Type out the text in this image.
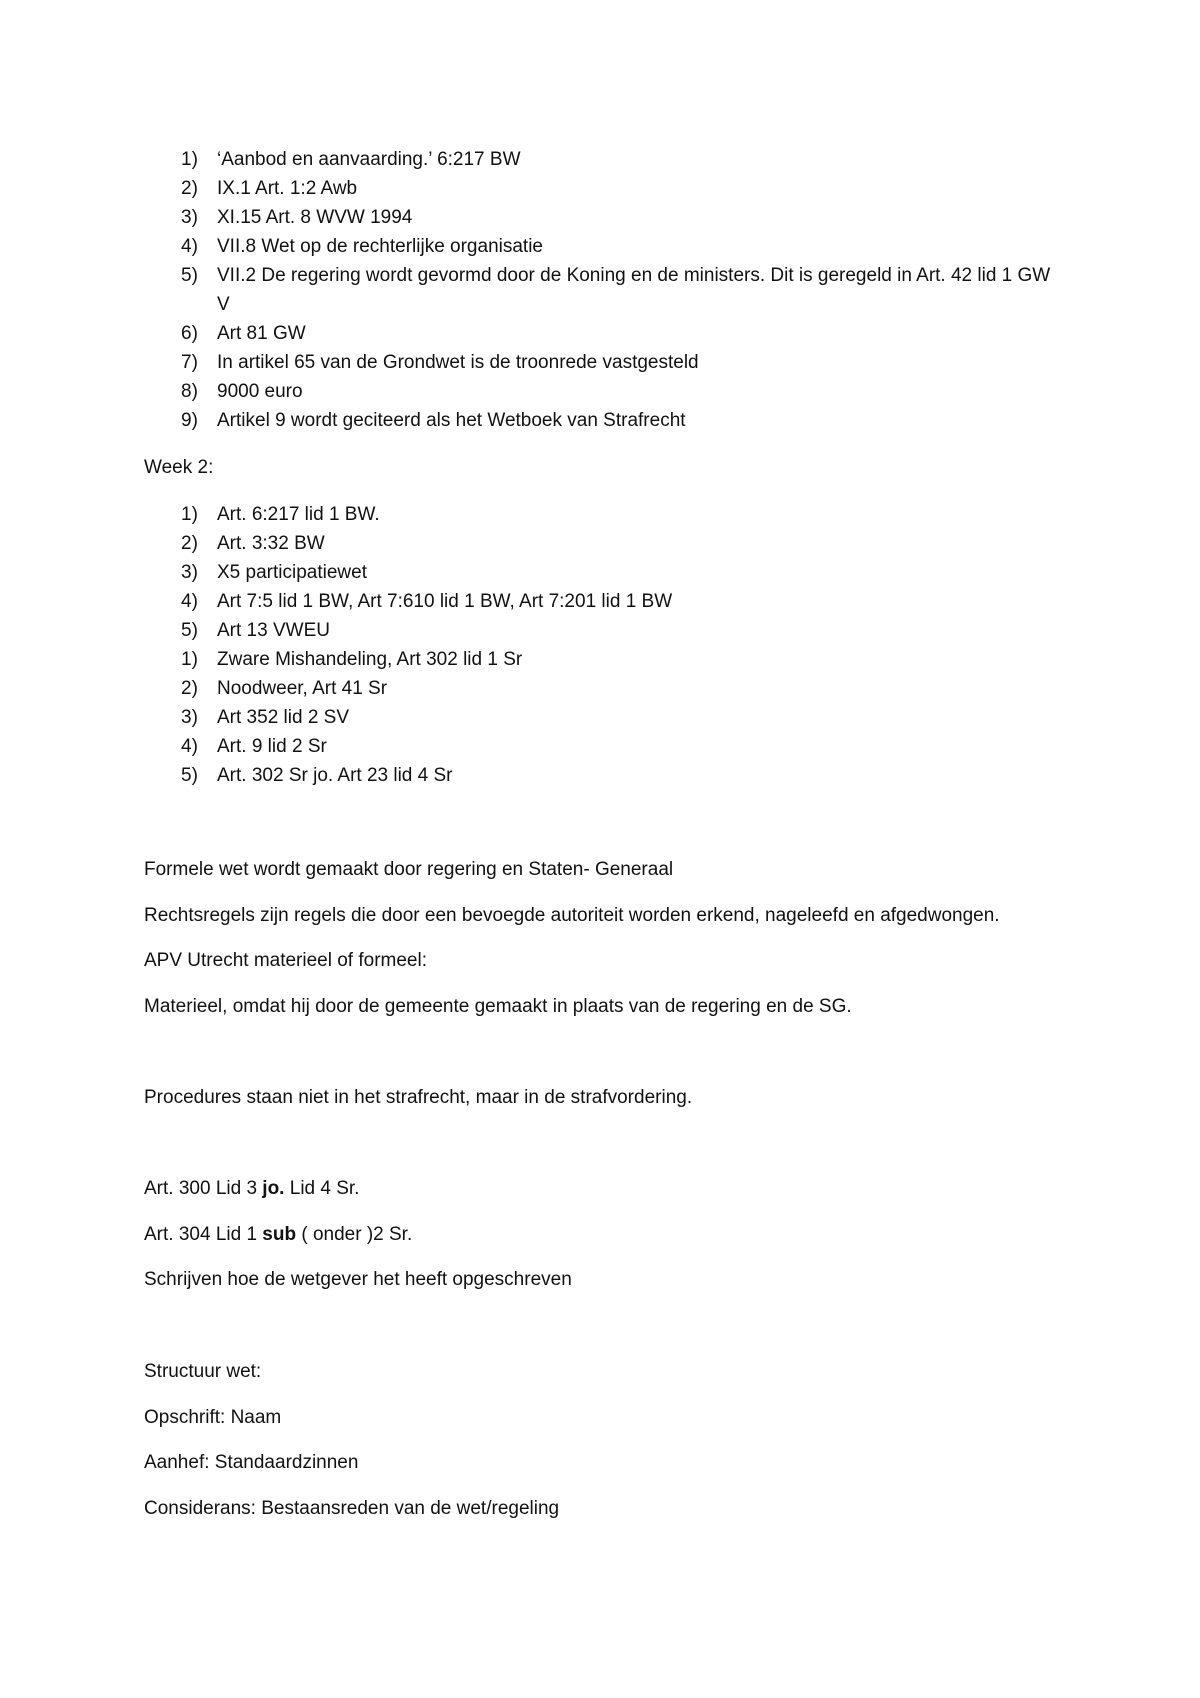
1)	‘Aanbod en aanvaarding.’ 6:217 BW
2)	IX.1 Art. 1:2 Awb
3)	XI.15 Art. 8 WVW 1994
4)	VII.8 Wet op de rechterlijke organisatie
5)	VII.2 De regering wordt gevormd door de Koning en de ministers. Dit is geregeld in Art. 42 lid 1 GW V
6)	Art 81 GW
7)	In artikel 65 van de Grondwet is de troonrede vastgesteld
8)	9000 euro
9)	Artikel 9 wordt geciteerd als het Wetboek van Strafrecht
Week 2:
1)	Art. 6:217 lid 1 BW.
2)	Art. 3:32 BW
3)	X5 participatiewet
4)	Art 7:5 lid 1 BW, Art 7:610 lid 1 BW, Art 7:201 lid 1 BW
5)	Art 13 VWEU
1)	Zware Mishandeling, Art 302 lid 1 Sr
2)	Noodweer, Art 41 Sr
3)	Art 352 lid 2 SV
4)	Art. 9 lid 2 Sr
5)	Art. 302 Sr jo. Art 23 lid 4 Sr
Formele wet wordt gemaakt door regering en Staten- Generaal
Rechtsregels zijn regels die door een bevoegde autoriteit worden erkend, nageleefd en afgedwongen.
APV Utrecht materieel of formeel:
Materieel, omdat hij door de gemeente gemaakt in plaats van de regering en de SG.
Procedures staan niet in het strafrecht, maar in de strafvordering.
Art. 300 Lid 3 jo. Lid 4 Sr.
Art. 304 Lid 1 sub ( onder )2 Sr.
Schrijven hoe de wetgever het heeft opgeschreven
Structuur wet:
Opschrift: Naam
Aanhef: Standaardzinnen
Considerans: Bestaansreden van de wet/regeling
